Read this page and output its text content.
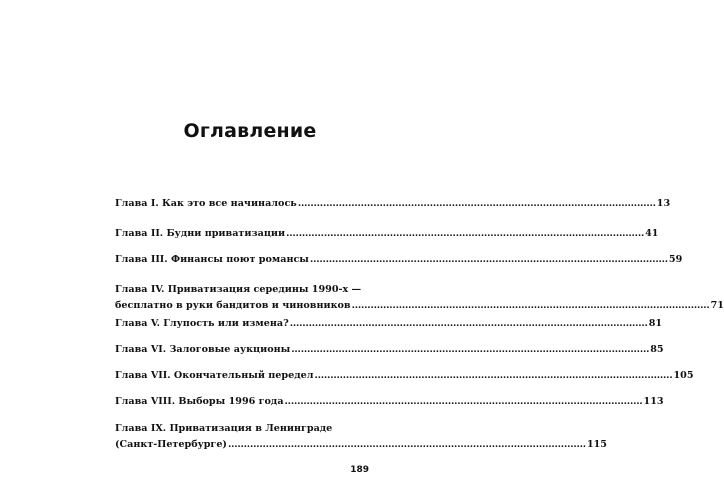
Оглавление
Глава I. Как это все начиналось .................................................................................................................. 13
Глава II. Будни приватизации .................................................................................................................. 41
Глава III. Финансы поют романсы .................................................................................................................. 59
Глава IV. Приватизация середины 1990-х —
бесплатно в руки бандитов и чиновников .................................................................................................................. 71
Глава V. Глупость или измена? .................................................................................................................. 81
Глава VI. Залоговые аукционы .................................................................................................................. 85
Глава VII. Окончательный передел .................................................................................................................. 105
Глава VIII. Выборы 1996 года .................................................................................................................. 113
Глава IX. Приватизация в Ленинграде
(Санкт-Петербурге) .................................................................................................................. 115
189
